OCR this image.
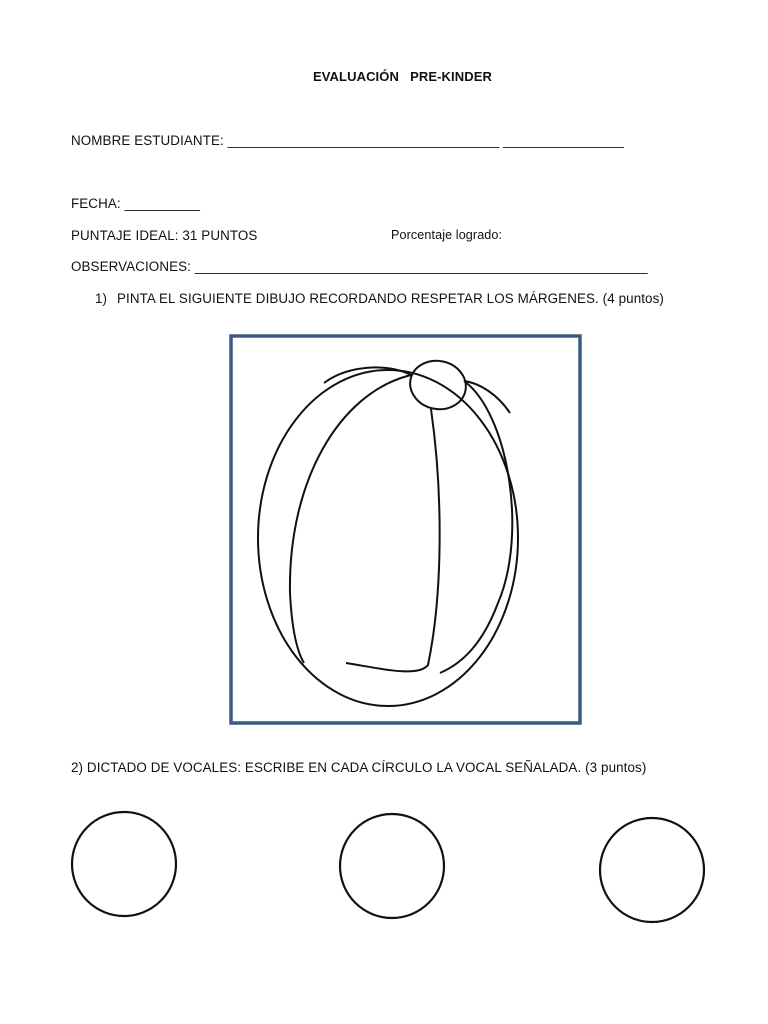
EVALUACIÓN   PRE-KINDER
NOMBRE ESTUDIANTE: ____________________________________ ________________
FECHA: __________
PUNTAJE IDEAL: 31 PUNTOS	Porcentaje logrado:
OBSERVACIONES: ____________________________________________________________
1) PINTA EL SIGUIENTE DIBUJO RECORDANDO RESPETAR LOS MÁRGENES. (4 puntos)
2) DICTADO DE VOCALES: ESCRIBE EN CADA CÍRCULO LA VOCAL SEÑALADA. (3 puntos)
